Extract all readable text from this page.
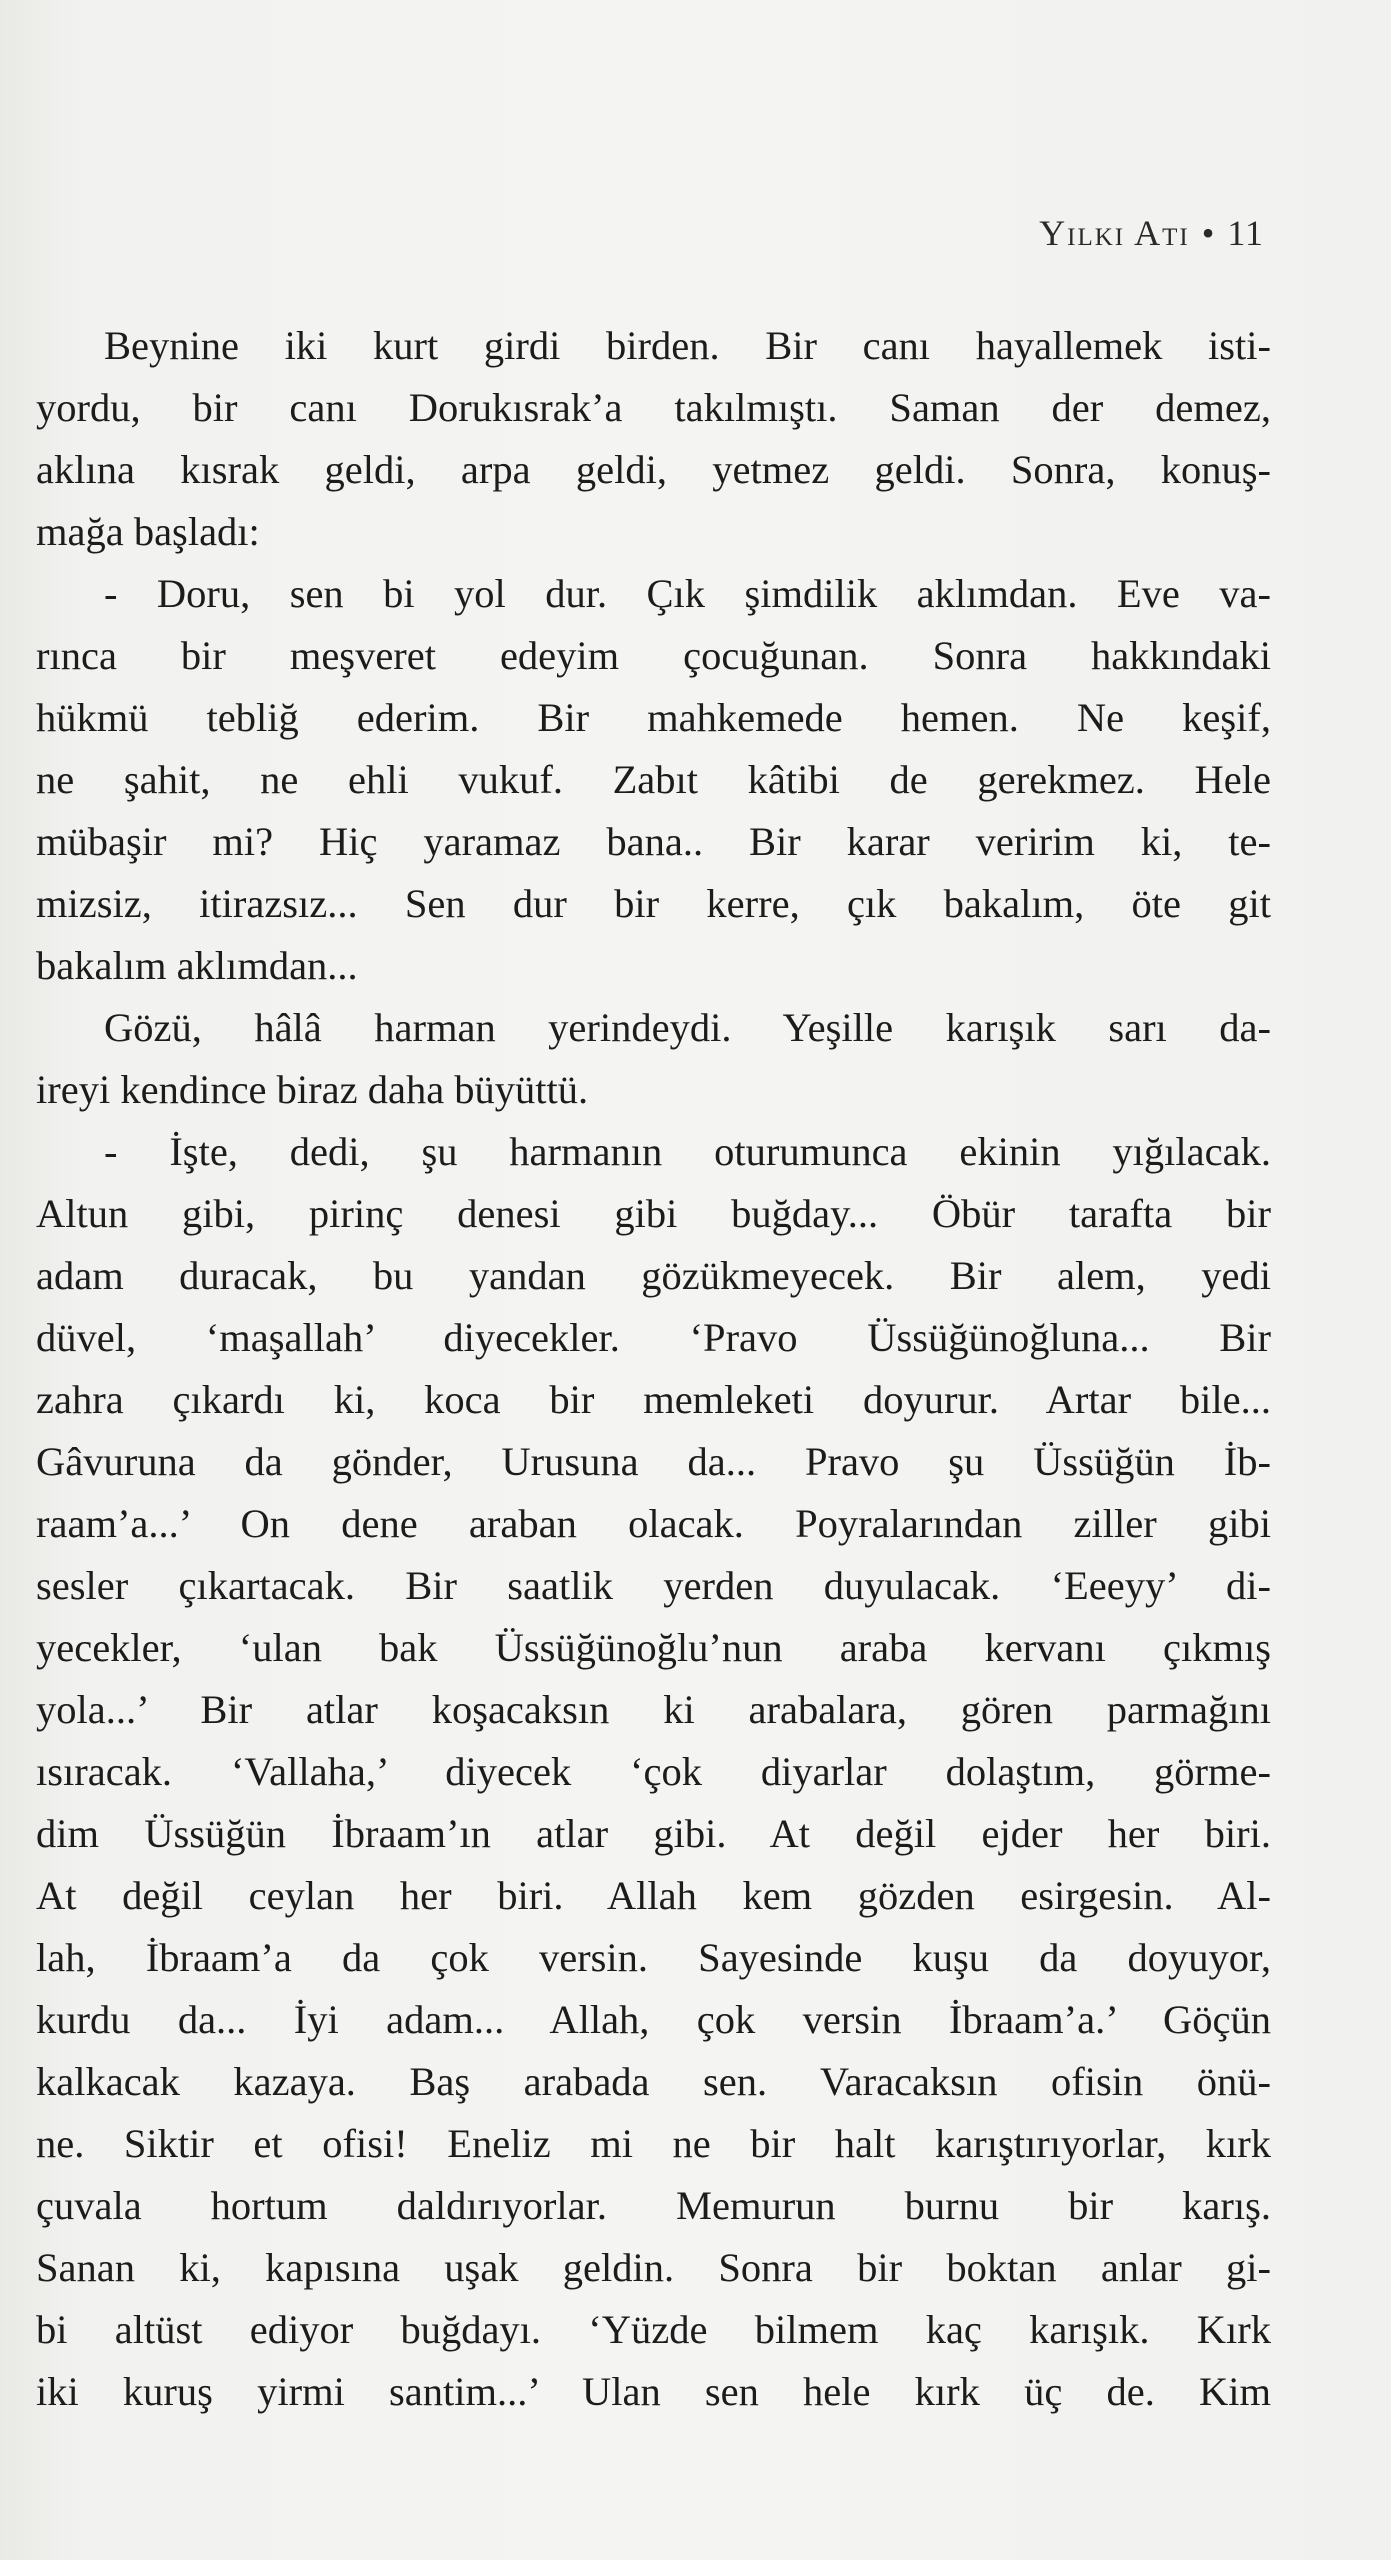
Yılkı Atı • 11
Beynine iki kurt girdi birden. Bir canı hayallemek isti-
yordu, bir canı Dorukısrak’a takılmıştı. Saman der demez,
aklına kısrak geldi, arpa geldi, yetmez geldi. Sonra, konuş-
mağa başladı:
- Doru, sen bi yol dur. Çık şimdilik aklımdan. Eve va-
rınca bir meşveret edeyim çocuğunan. Sonra hakkındaki
hükmü tebliğ ederim. Bir mahkemede hemen. Ne keşif,
ne şahit, ne ehli vukuf. Zabıt kâtibi de gerekmez. Hele
mübaşir mi? Hiç yaramaz bana.. Bir karar veririm ki, te-
mizsiz, itirazsız... Sen dur bir kerre, çık bakalım, öte git
bakalım aklımdan...
Gözü, hâlâ harman yerindeydi. Yeşille karışık sarı da-
ireyi kendince biraz daha büyüttü.
- İşte, dedi, şu harmanın oturumunca ekinin yığılacak.
Altun gibi, pirinç denesi gibi buğday... Öbür tarafta bir
adam duracak, bu yandan gözükmeyecek. Bir alem, yedi
düvel, ‘maşallah’ diyecekler. ‘Pravo Üssüğünoğluna... Bir
zahra çıkardı ki, koca bir memleketi doyurur. Artar bile...
Gâvuruna da gönder, Urusuna da... Pravo şu Üssüğün İb-
raam’a...’ On dene araban olacak. Poyralarından ziller gibi
sesler çıkartacak. Bir saatlik yerden duyulacak. ‘Eeeyy’ di-
yecekler, ‘ulan bak Üssüğünoğlu’nun araba kervanı çıkmış
yola...’ Bir atlar koşacaksın ki arabalara, gören parmağını
ısıracak. ‘Vallaha,’ diyecek ‘çok diyarlar dolaştım, görme-
dim Üssüğün İbraam’ın atlar gibi. At değil ejder her biri.
At değil ceylan her biri. Allah kem gözden esirgesin. Al-
lah, İbraam’a da çok versin. Sayesinde kuşu da doyuyor,
kurdu da... İyi adam... Allah, çok versin İbraam’a.’ Göçün
kalkacak kazaya. Baş arabada sen. Varacaksın ofisin önü-
ne. Siktir et ofisi! Eneliz mi ne bir halt karıştırıyorlar, kırk
çuvala hortum daldırıyorlar. Memurun burnu bir karış.
Sanan ki, kapısına uşak geldin. Sonra bir boktan anlar gi-
bi altüst ediyor buğdayı. ‘Yüzde bilmem kaç karışık. Kırk
iki kuruş yirmi santim...’ Ulan sen hele kırk üç de. Kim
